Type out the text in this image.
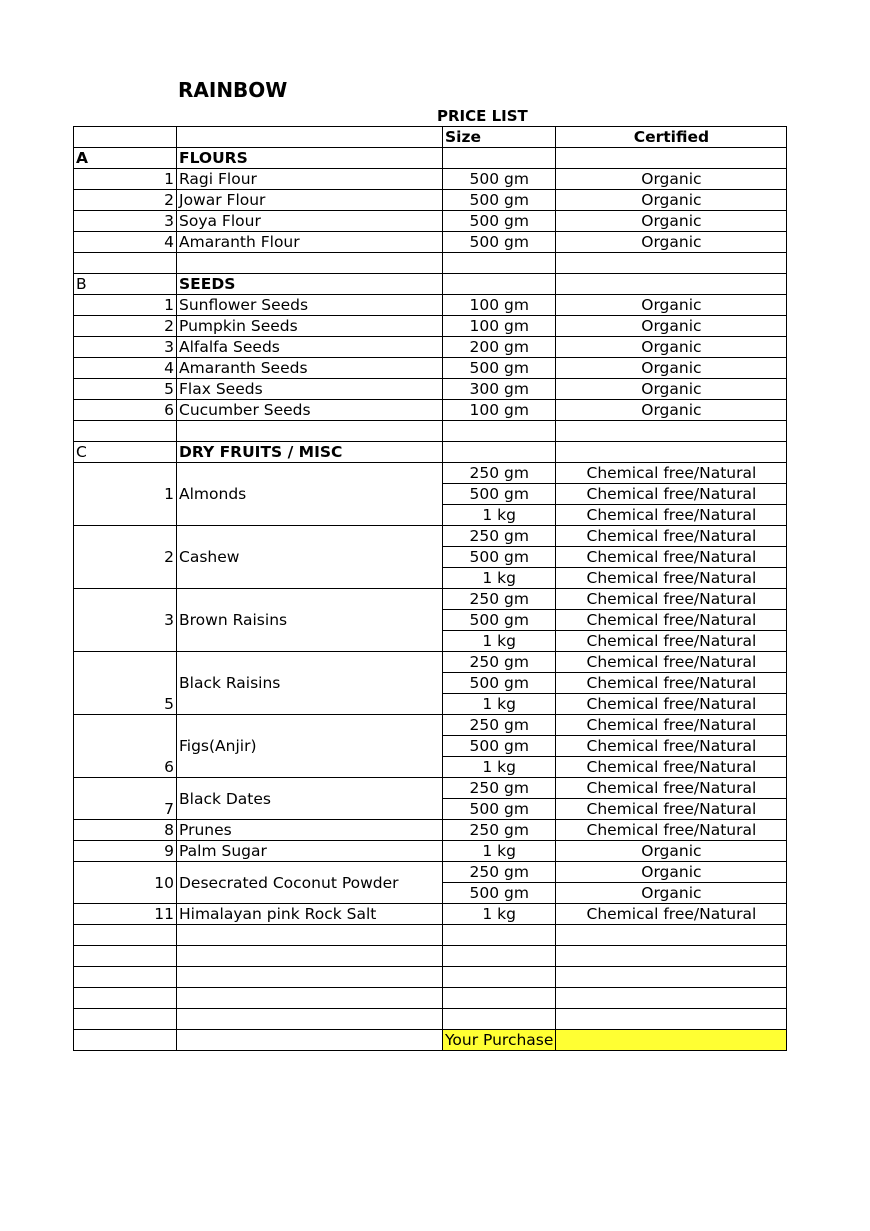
RAINBOW
PRICE LIST
		Size	Certified
A	FLOURS		
1	Ragi Flour	500 gm	Organic
2	Jowar Flour	500 gm	Organic
3	Soya Flour	500 gm	Organic
4	Amaranth Flour	500 gm	Organic

B	SEEDS		
1	Sunflower Seeds	100 gm	Organic
2	Pumpkin Seeds	100 gm	Organic
3	Alfalfa Seeds	200 gm	Organic
4	Amaranth Seeds	500 gm	Organic
5	Flax Seeds	300 gm	Organic
6	Cucumber Seeds	100 gm	Organic

C	DRY FRUITS / MISC		
1	Almonds	250 gm	Chemical free/Natural
		500 gm	Chemical free/Natural
		1 kg	Chemical free/Natural
2	Cashew	250 gm	Chemical free/Natural
		500 gm	Chemical free/Natural
		1 kg	Chemical free/Natural
3	Brown Raisins	250 gm	Chemical free/Natural
		500 gm	Chemical free/Natural
		1 kg	Chemical free/Natural
5	Black Raisins	250 gm	Chemical free/Natural
		500 gm	Chemical free/Natural
		1 kg	Chemical free/Natural
6	Figs(Anjir)	250 gm	Chemical free/Natural
		500 gm	Chemical free/Natural
		1 kg	Chemical free/Natural
7	Black Dates	250 gm	Chemical free/Natural
		500 gm	Chemical free/Natural
8	Prunes	250 gm	Chemical free/Natural
9	Palm Sugar	1 kg	Organic
10	Desecrated Coconut Powder	250 gm	Organic
		500 gm	Organic
11	Himalayan pink Rock Salt	1 kg	Chemical free/Natural

		Your Purchase	
